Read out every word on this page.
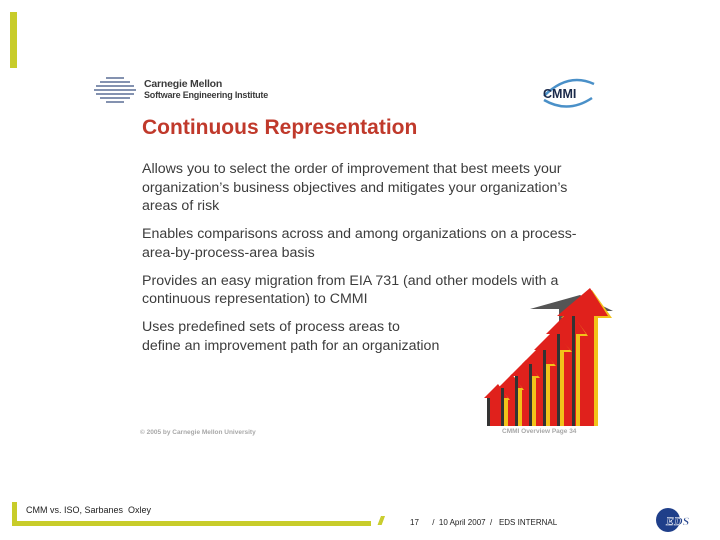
Carnegie Mellon
Software Engineering Institute	CMMI
Continuous Representation
Allows you to select the order of improvement that best meets your organization’s business objectives and mitigates your organization’s areas of risk
Enables comparisons across and among organizations on a process-area-by-process-area basis
Provides an easy migration from EIA 731 (and other models with a continuous representation) to CMMI
Uses predefined sets of process areas to define an improvement path for an organization
© 2005 by Carnegie Mellon University	CMMI Overview Page 34
///
CMM vs. ISO, Sarbanes  Oxley
17      /  10 April 2007  /   EDS INTERNAL	EDS
